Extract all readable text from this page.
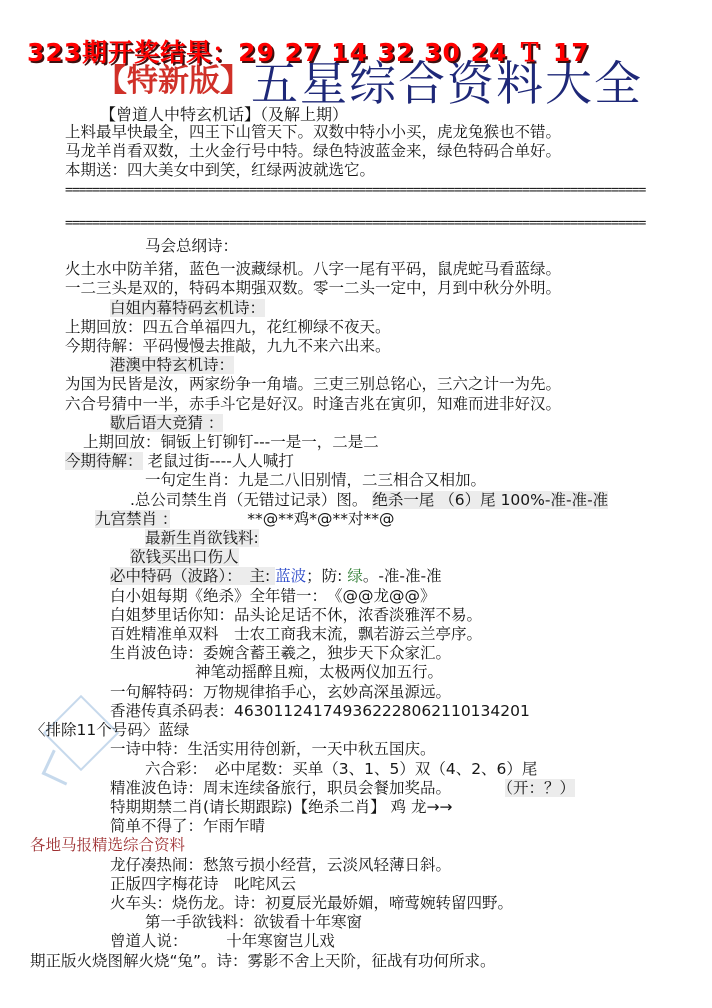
323期开奖结果：29 27 14 32 30 24 Ｔ 17
【特新版】五星综合资料大全
【曾道人中特玄机话】（及解上期）
上料最早快最全，四王下山管天下。双数中特小小买，虎龙兔猴也不错。
马龙羊肖看双数，土火金行号中特。绿色特波蓝金来，绿色特码合单好。
本期送：四大美女中到笑，红绿两波就选它。
=====================================================================================
=====================================================================================
马会总纲诗：
火土水中防羊猪，蓝色一波藏绿机。八字一尾有平码，鼠虎蛇马看蓝绿。
一二三头是双的，特码本期强双数。零一二头一定中，月到中秋分外明。
白姐内幕特码玄机诗：
上期回放：四五合单福四九，花红柳绿不夜天。
今期待解：平码慢慢去推敲，九九不来六出来。
港澳中特玄机诗：
为国为民皆是汝，两家纷争一角墙。三吏三别总铭心，三六之计一为先。
六合号猜中一半，赤手斗它是好汉。时逢吉兆在寅卯，知难而进非好汉。
歇后语大竞猜 ：
上期回放：铜钣上钉铆钉---一是一，二是二
今期待解： 老鼠过街----人人喊打
一句定生肖：九是二八旧别情，二三相合又相加。
.总公司禁生肖（无错过记录）图。 绝杀一尾 （6）尾 100%-准-准-准
九宫禁肖 ：　　　　　**@**鸡*@**对**@
最新生肖欲钱料:
欲钱买出口伤人
必中特码（波路）：　主: 蓝波；防: 绿。-准-准-准
白小姐每期《绝杀》全年错一：　《@@龙@@》
白姐梦里话你知：品头论足话不休，浓香淡雅浑不易。
百姓精准单双料　士农工商我末流，飘若游云兰亭序。
生肖波色诗：委婉含蓄王羲之，独步天下众家汇。
神笔动摇醉且痴，太极两仪加五行。
一句解特码：万物规律掐手心，玄妙高深虽源远。
香港传真杀码表：463011241749362228062110134201
〈排除11个号码〉蓝绿
一诗中特：生活实用待创新，一天中秋五国庆。
六合彩：　必中尾数：买单（3、1、5）双（4、2、6）尾
精准波色诗：周末连续备旅行，职员会餐加奖品。　　　　	（开：？）
特期期禁二肖(请长期跟踪)【绝杀二肖】 鸡 龙→→
简单不得了：乍雨乍晴
各地马报精选综合资料
龙仔凑热闹：愁煞亏损小经营，云淡风轻薄日斜。
正版四字梅花诗　叱咤风云
火车头：烧伤龙。诗：初夏辰光最娇媚，啼莺婉转留四野。
第一手欲钱料：欲钹看十年寒窗
曾道人说：　　　十年寒窗岂儿戏
期正版火烧图解火烧“兔”。诗：雾影不舍上天阶，征战有功何所求。
